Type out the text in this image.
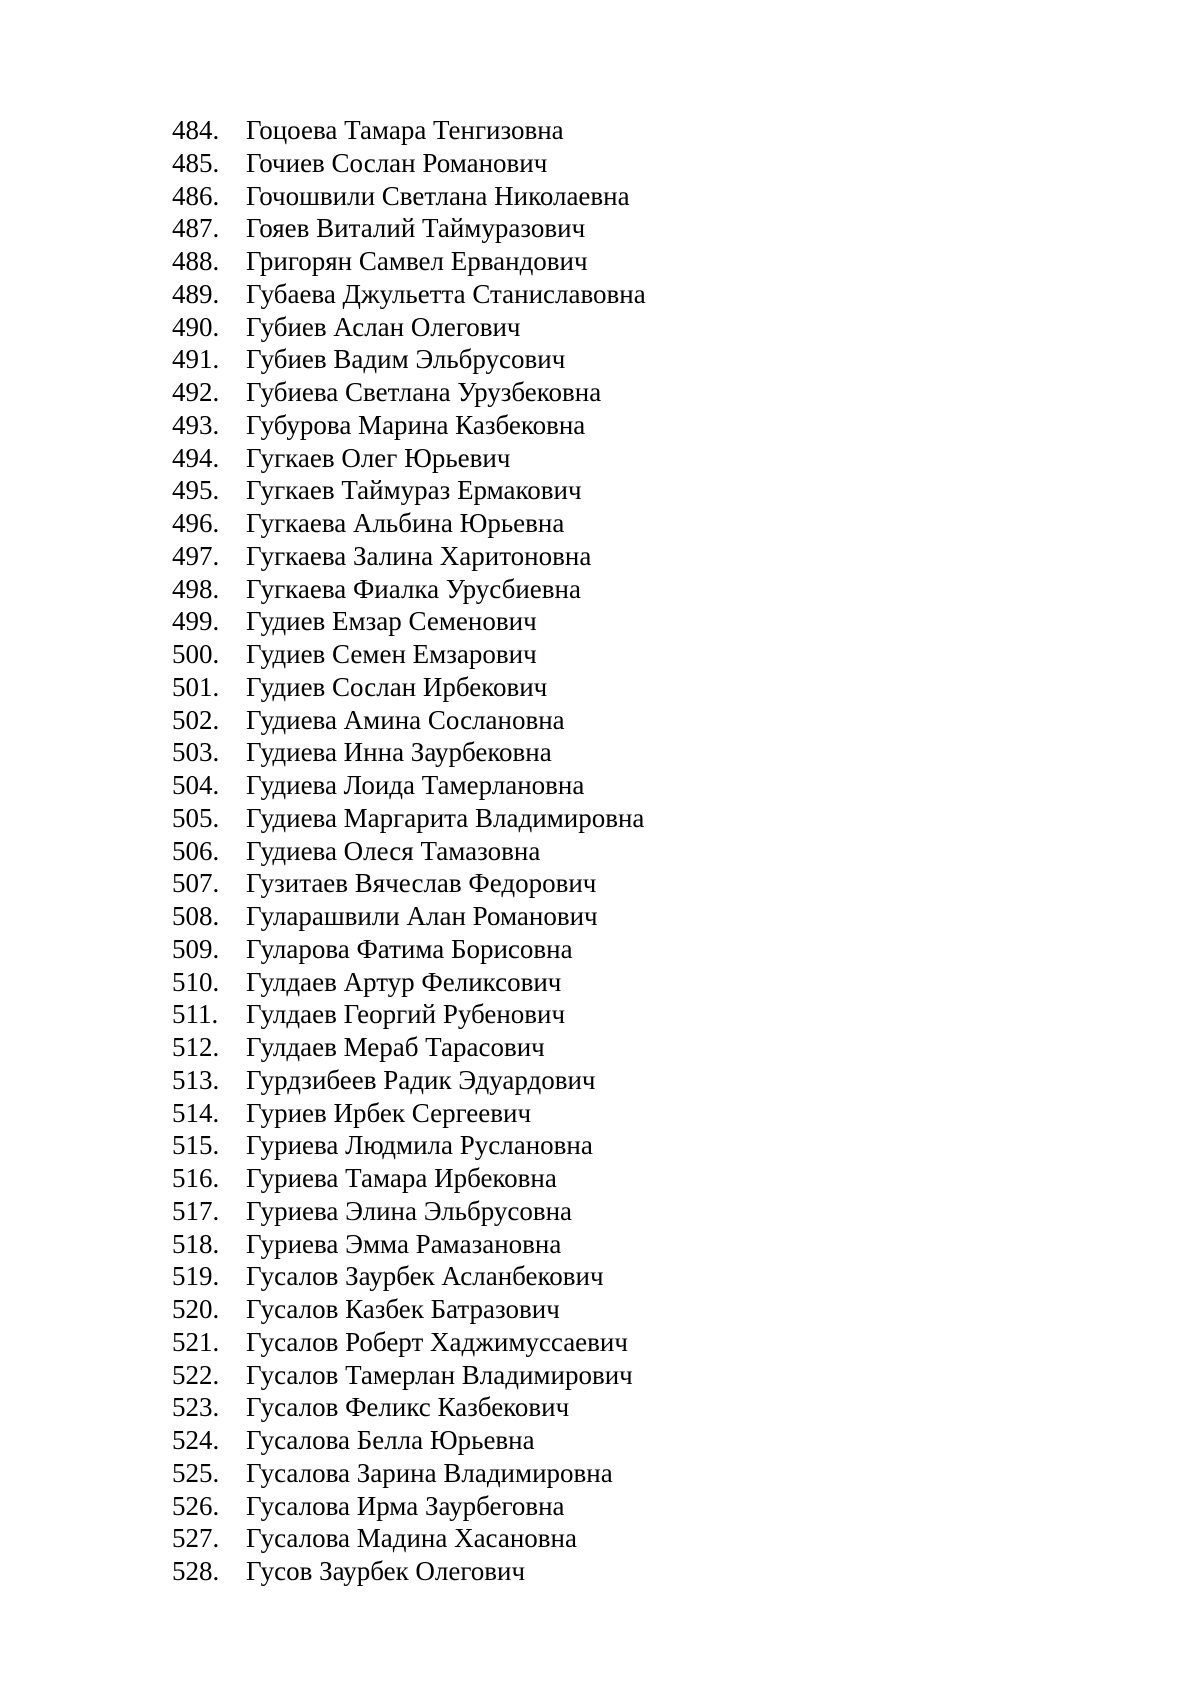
484. Гоцоева Тамара Тенгизовна
485. Гочиев Сослан Романович
486. Гочошвили Светлана Николаевна
487. Гояев Виталий Таймуразович
488. Григорян Самвел Ервандович
489. Губаева Джульетта Станиславовна
490. Губиев Аслан Олегович
491. Губиев Вадим Эльбрусович
492. Губиева Светлана Урузбековна
493. Губурова Марина Казбековна
494. Гугкаев Олег Юрьевич
495. Гугкаев Таймураз Ермакович
496. Гугкаева Альбина Юрьевна
497. Гугкаева Залина Харитоновна
498. Гугкаева Фиалка Урусбиевна
499. Гудиев Емзар Семенович
500. Гудиев Семен Емзарович
501. Гудиев Сослан Ирбекович
502. Гудиева Амина Сослановна
503. Гудиева Инна Заурбековна
504. Гудиева Лоида Тамерлановна
505. Гудиева Маргарита Владимировна
506. Гудиева Олеся Тамазовна
507. Гузитаев Вячеслав Федорович
508. Гуларашвили Алан Романович
509. Гуларова Фатима Борисовна
510. Гулдаев Артур Феликсович
511.	Гулдаев Георгий Рубенович
512. Гулдаев Мераб Тарасович
513. Гурдзибеев Радик Эдуардович
514. Гуриев Ирбек Сергеевич
515. Гуриева Людмила Руслановна
516. Гуриева Тамара Ирбековна
517. Гуриева Элина Эльбрусовна
518. Гуриева Эмма Рамазановна
519. Гусалов Заурбек Асланбекович
520. Гусалов Казбек Батразович
521. Гусалов Роберт Хаджимуссаевич
522. Гусалов Тамерлан Владимирович
523. Гусалов Феликс Казбекович
524. Гусалова Белла Юрьевна
525. Гусалова Зарина Владимировна
526. Гусалова Ирма Заурбеговна
527. Гусалова Мадина Хасановна
528. Гусов Заурбек Олегович
